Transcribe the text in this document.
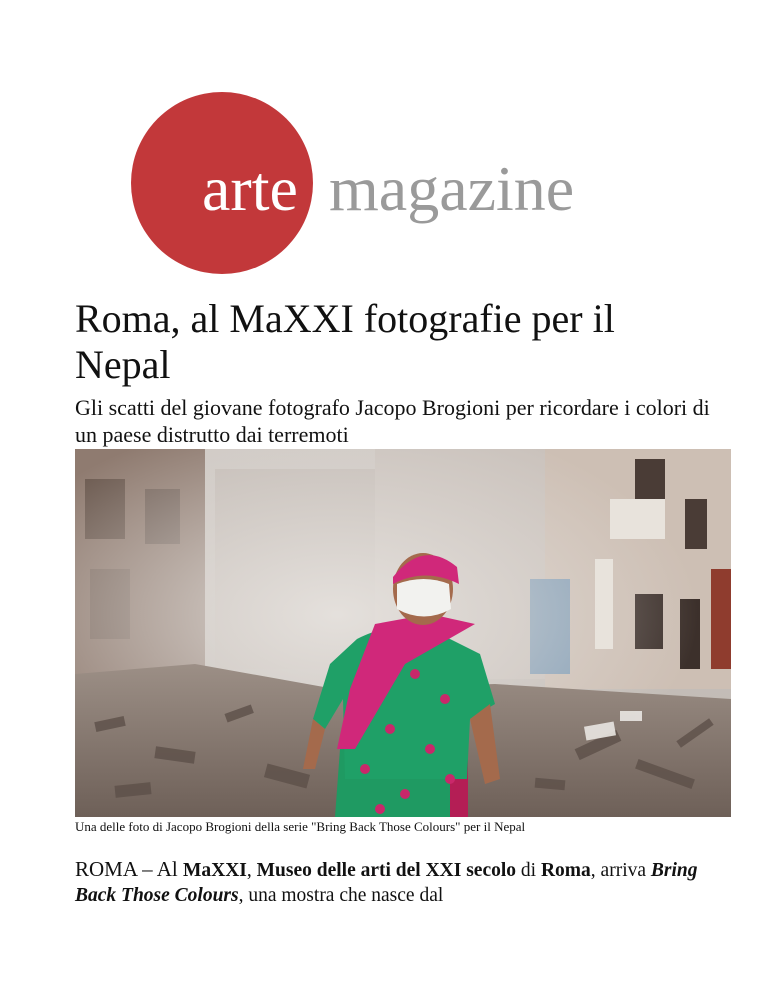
arte magazine
Roma, al MaXXI fotografie per il Nepal

Gli scatti del giovane fotografo Jacopo Brogioni per ricordare i colori di un paese distrutto dai terremoti

Una delle foto di Jacopo Brogioni della serie "Bring Back Those Colours" per il Nepal

ROMA – Al MaXXI, Museo delle arti del XXI secolo di Roma, arriva Bring Back Those Colours, una mostra che nasce dal
